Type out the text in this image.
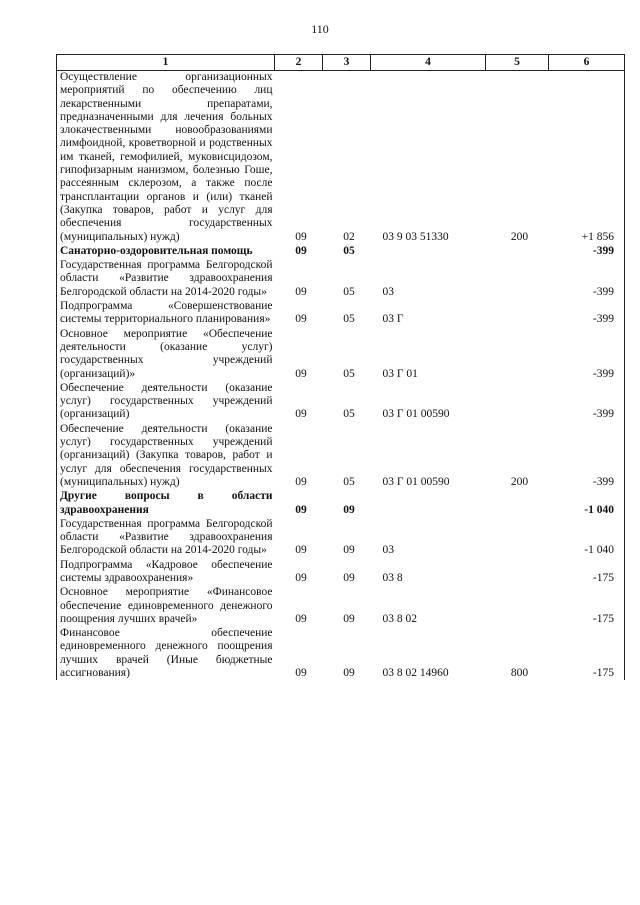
110
1	2	3	4	5	6
Осуществление организационных мероприятий по обеспечению лиц лекарственными препаратами, предназначенными для лечения больных злокачественными новообразованиями лимфоидной, кроветворной и родственных им тканей, гемофилией, муковисцидозом, гипофизарным нанизмом, болезнью Гоше, рассеянным склерозом, а также после трансплантации органов и (или) тканей (Закупка товаров, работ и услуг для обеспечения государственных (муниципальных) нужд)	09	02	03 9 03 51330	200	+1 856
Санаторно-оздоровительная помощь	09	05			-399
Государственная программа Белгородской области «Развитие здравоохранения Белгородской области на 2014-2020 годы»	09	05	03		-399
Подпрограмма «Совершенствование системы территориального планирования»	09	05	03 Г		-399
Основное мероприятие «Обеспечение деятельности (оказание услуг) государственных учреждений (организаций)»	09	05	03 Г 01		-399
Обеспечение деятельности (оказание услуг) государственных учреждений (организаций)	09	05	03 Г 01 00590		-399
Обеспечение деятельности (оказание услуг) государственных учреждений (организаций) (Закупка товаров, работ и услуг для обеспечения государственных (муниципальных) нужд)	09	05	03 Г 01 00590	200	-399
Другие вопросы в области здравоохранения	09	09			-1 040
Государственная программа Белгородской области «Развитие здравоохранения Белгородской области на 2014-2020 годы»	09	09	03		-1 040
Подпрограмма «Кадровое обеспечение системы здравоохранения»	09	09	03 8		-175
Основное мероприятие «Финансовое обеспечение единовременного денежного поощрения лучших врачей»	09	09	03 8 02		-175
Финансовое обеспечение единовременного денежного поощрения лучших врачей (Иные бюджетные ассигнования)	09	09	03 8 02 14960	800	-175
